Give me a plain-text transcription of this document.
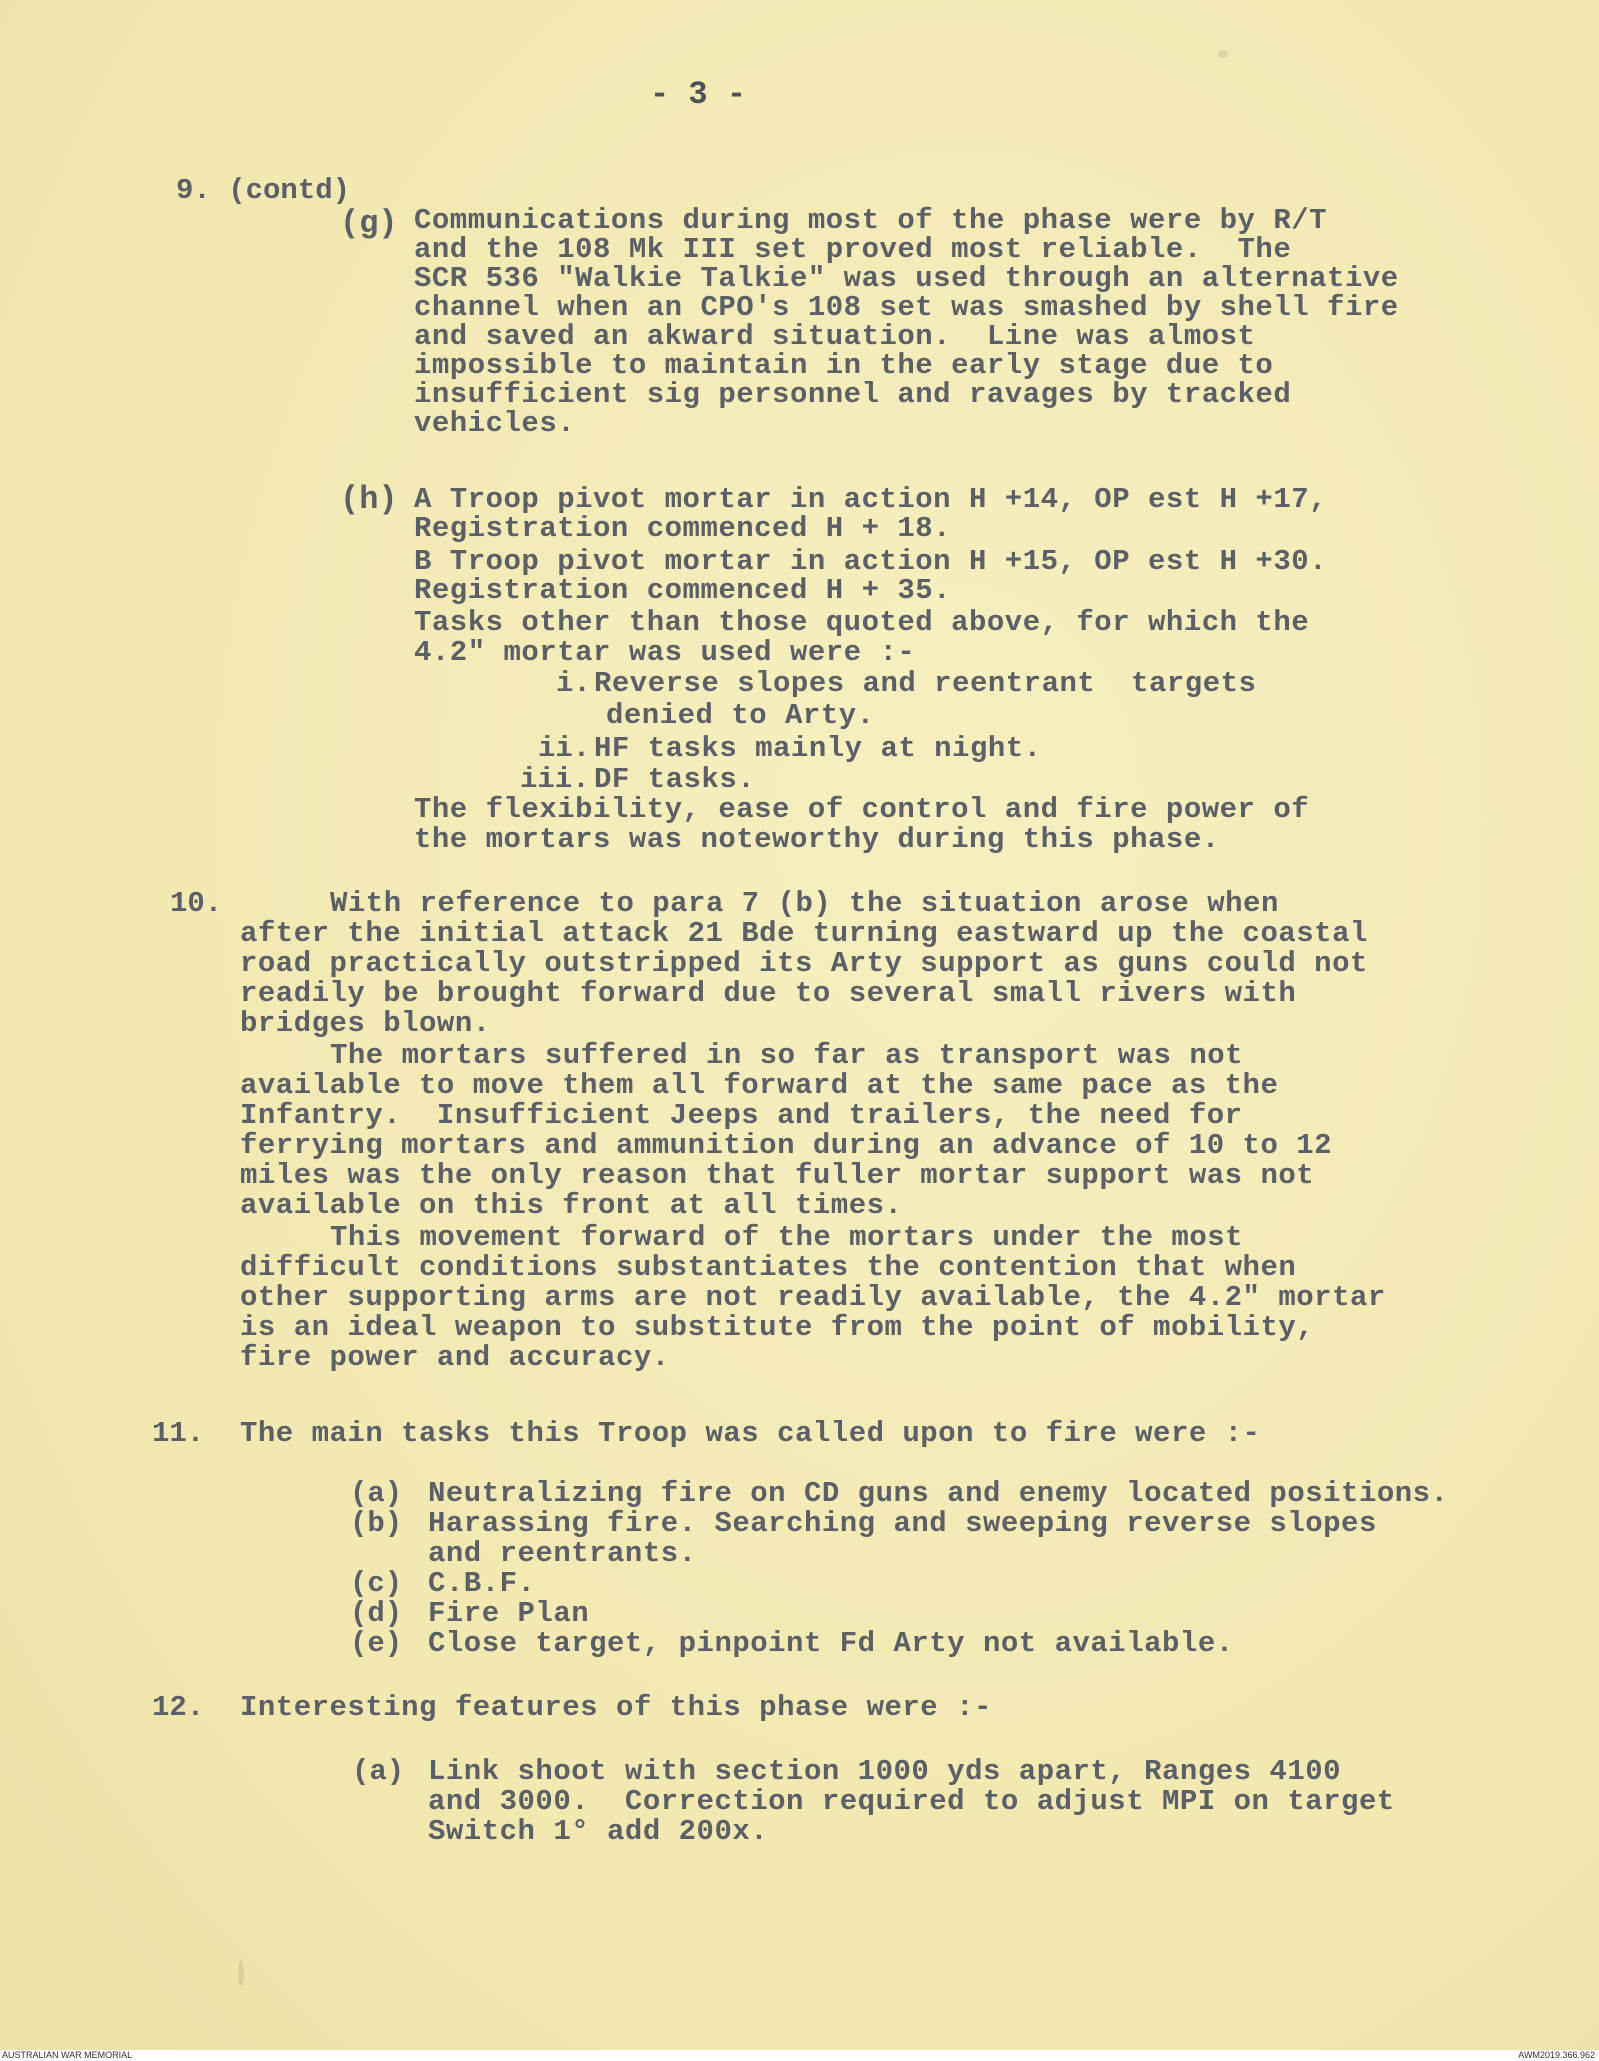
- 3 -
9. (contd)
(g) Communications during most of the phase were by R/T
and the 108 Mk III set proved most reliable.  The
SCR 536 "Walkie Talkie" was used through an alternative
channel when an CPO's 108 set was smashed by shell fire
and saved an akward situation.  Line was almost
impossible to maintain in the early stage due to
insufficient sig personnel and ravages by tracked
vehicles.
(h) A Troop pivot mortar in action H +14, OP est H +17,
Registration commenced H + 18.
B Troop pivot mortar in action H +15, OP est H +30.
Registration commenced H + 35.
Tasks other than those quoted above, for which the
4.2" mortar was used were :-
i. Reverse slopes and reentrant  targets
denied to Arty.
ii. HF tasks mainly at night.
iii. DF tasks.
The flexibility, ease of control and fire power of
the mortars was noteworthy during this phase.
10.	With reference to para 7 (b) the situation arose when
after the initial attack 21 Bde turning eastward up the coastal
road practically outstripped its Arty support as guns could not
readily be brought forward due to several small rivers with
bridges blown.
The mortars suffered in so far as transport was not
available to move them all forward at the same pace as the
Infantry.  Insufficient Jeeps and trailers, the need for
ferrying mortars and ammunition during an advance of 10 to 12
miles was the only reason that fuller mortar support was not
available on this front at all times.
This movement forward of the mortars under the most
difficult conditions substantiates the contention that when
other supporting arms are not readily available, the 4.2" mortar
is an ideal weapon to substitute from the point of mobility,
fire power and accuracy.
11. The main tasks this Troop was called upon to fire were :-
(a) Neutralizing fire on CD guns and enemy located positions.
(b) Harassing fire. Searching and sweeping reverse slopes
and reentrants.
(c) C.B.F.
(d) Fire Plan
(e) Close target, pinpoint Fd Arty not available.
12. Interesting features of this phase were :-
(a) Link shoot with section 1000 yds apart, Ranges 4100
and 3000.  Correction required to adjust MPI on target
Switch 1° add 200x.
AUSTRALIAN WAR MEMORIAL	AWM2019.366.962
